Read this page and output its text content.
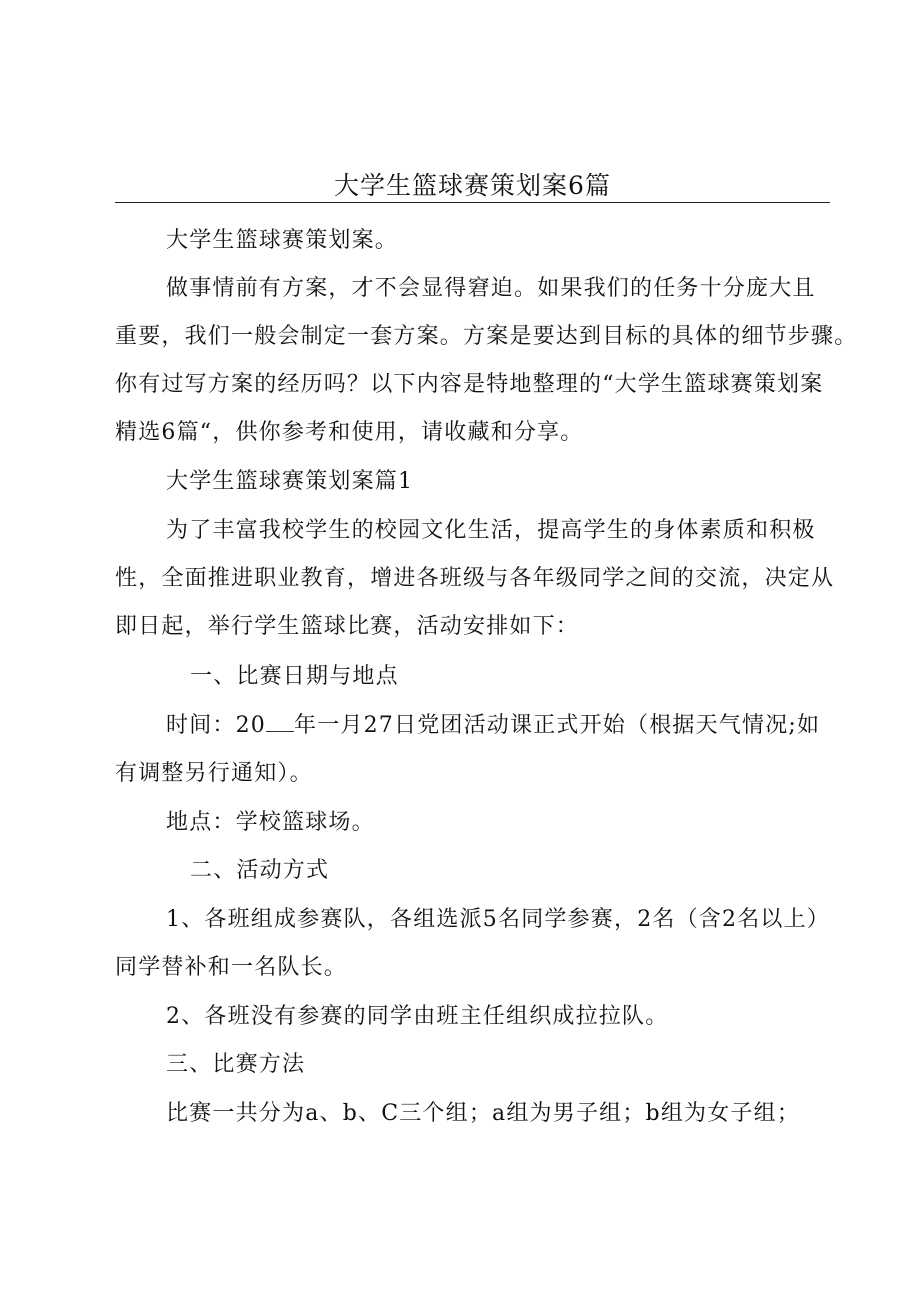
大学生篮球赛策划案6篇

大学生篮球赛策划案。

做事情前有方案，才不会显得窘迫。如果我们的任务十分庞大且
重要，我们一般会制定一套方案。方案是要达到目标的具体的细节步骤。
你有过写方案的经历吗？以下内容是特地整理的“大学生篮球赛策划案
精选6篇“，供你参考和使用，请收藏和分享。

大学生篮球赛策划案篇1

为了丰富我校学生的校园文化生活，提高学生的身体素质和积极
性，全面推进职业教育，增进各班级与各年级同学之间的交流，决定从
即日起，举行学生篮球比赛，活动安排如下：

一、比赛日期与地点

时间：20 年一月27日党团活动课正式开始（根据天气情况;如
有调整另行通知）。

地点：学校篮球场。

二、活动方式

1、各班组成参赛队，各组选派5名同学参赛，2名（含2名以上）
同学替补和一名队长。

2、各班没有参赛的同学由班主任组织成拉拉队。

三、比赛方法

比赛一共分为a、b、C三个组；a组为男子组；b组为女子组；
